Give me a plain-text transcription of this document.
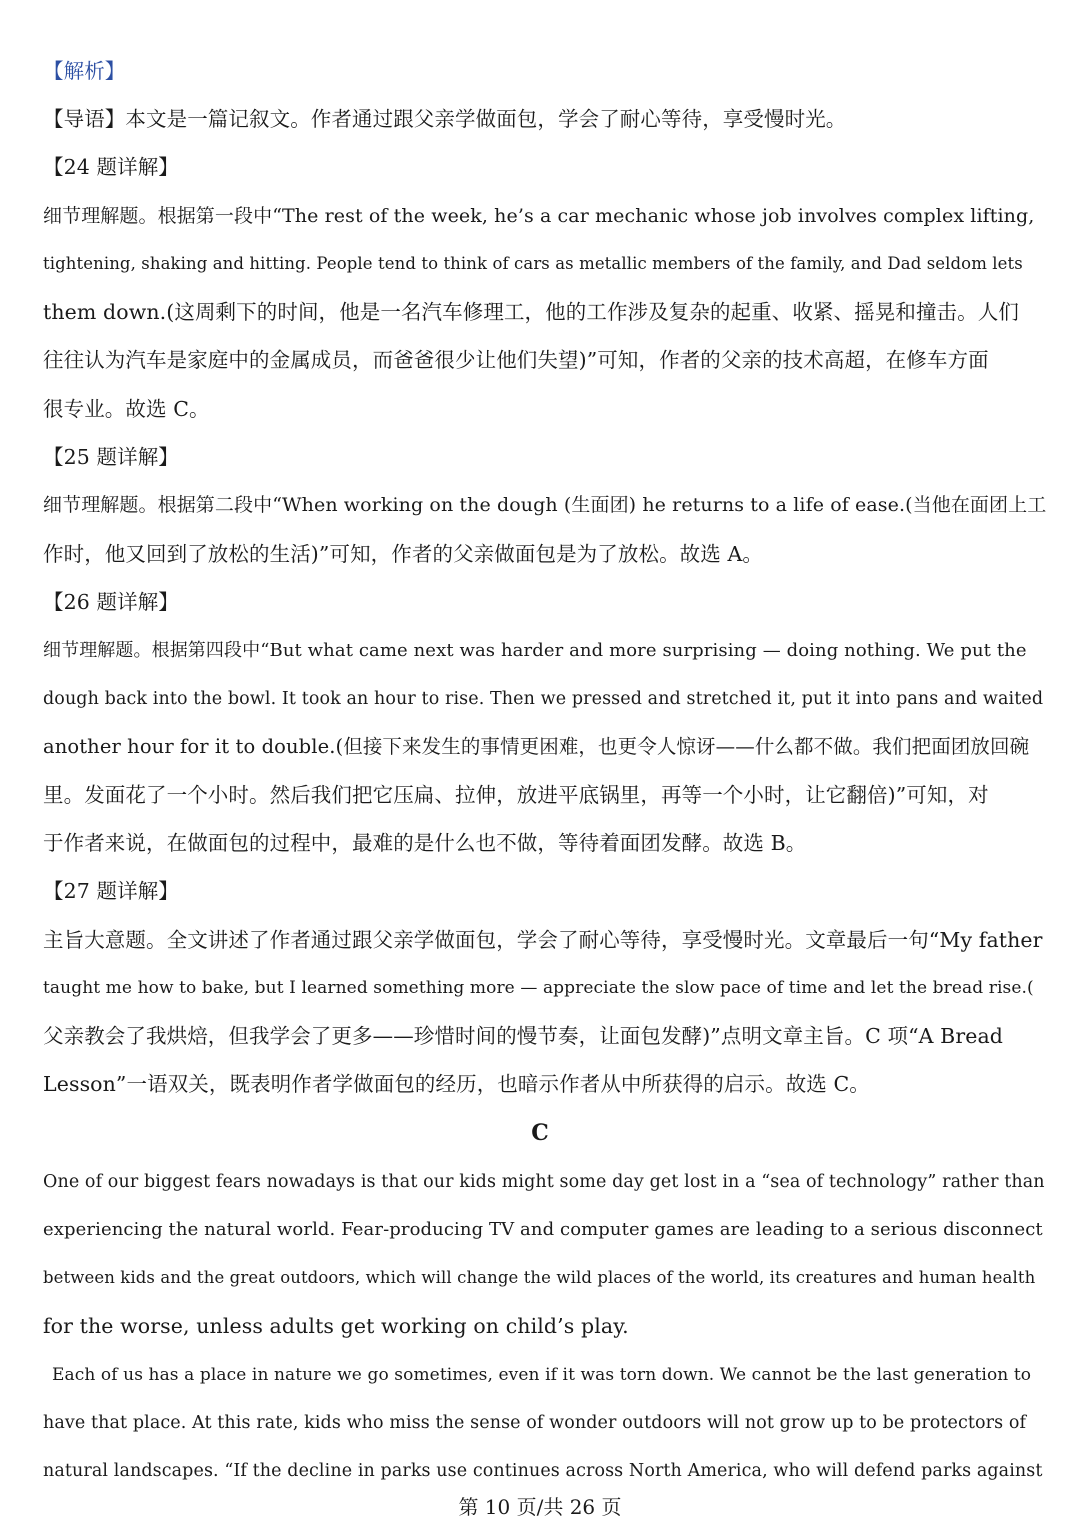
【解析】
【导语】本文是一篇记叙文。作者通过跟父亲学做面包，学会了耐心等待，享受慢时光。
【24 题详解】
细节理解题。根据第一段中“The rest of the week, he’s a car mechanic whose job involves complex lifting,
tightening, shaking and hitting. People tend to think of cars as metallic members of the family, and Dad seldom lets
them down.(这周剩下的时间，他是一名汽车修理工，他的工作涉及复杂的起重、收紧、摇晃和撞击。人们
往往认为汽车是家庭中的金属成员，而爸爸很少让他们失望)”可知，作者的父亲的技术高超，在修车方面
很专业。故选 C。
【25 题详解】
细节理解题。根据第二段中“When working on the dough (生面团) he returns to a life of ease.(当他在面团上工
作时，他又回到了放松的生活)”可知，作者的父亲做面包是为了放松。故选 A。
【26 题详解】
细节理解题。根据第四段中“But what came next was harder and more surprising — doing nothing. We put the
dough back into the bowl. It took an hour to rise. Then we pressed and stretched it, put it into pans and waited
another hour for it to double.(但接下来发生的事情更困难，也更令人惊讶——什么都不做。我们把面团放回碗
里。发面花了一个小时。然后我们把它压扁、拉伸，放进平底锅里，再等一个小时，让它翻倍)”可知，对
于作者来说，在做面包的过程中，最难的是什么也不做，等待着面团发酵。故选 B。
【27 题详解】
主旨大意题。全文讲述了作者通过跟父亲学做面包，学会了耐心等待，享受慢时光。文章最后一句“My father
taught me how to bake, but I learned something more — appreciate the slow pace of time and let the bread rise.(
父亲教会了我烘焙，但我学会了更多——珍惜时间的慢节奏，让面包发酵)”点明文章主旨。C 项“A Bread
Lesson”一语双关，既表明作者学做面包的经历，也暗示作者从中所获得的启示。故选 C。
C
One of our biggest fears nowadays is that our kids might some day get lost in a “sea of technology” rather than
experiencing the natural world. Fear-producing TV and computer games are leading to a serious disconnect
between kids and the great outdoors, which will change the wild places of the world, its creatures and human health
for the worse, unless adults get working on child’s play.
Each of us has a place in nature we go sometimes, even if it was torn down. We cannot be the last generation to
have that place. At this rate, kids who miss the sense of wonder outdoors will not grow up to be protectors of
natural landscapes. “If the decline in parks use continues across North America, who will defend parks against
第 10 页/共 26 页
